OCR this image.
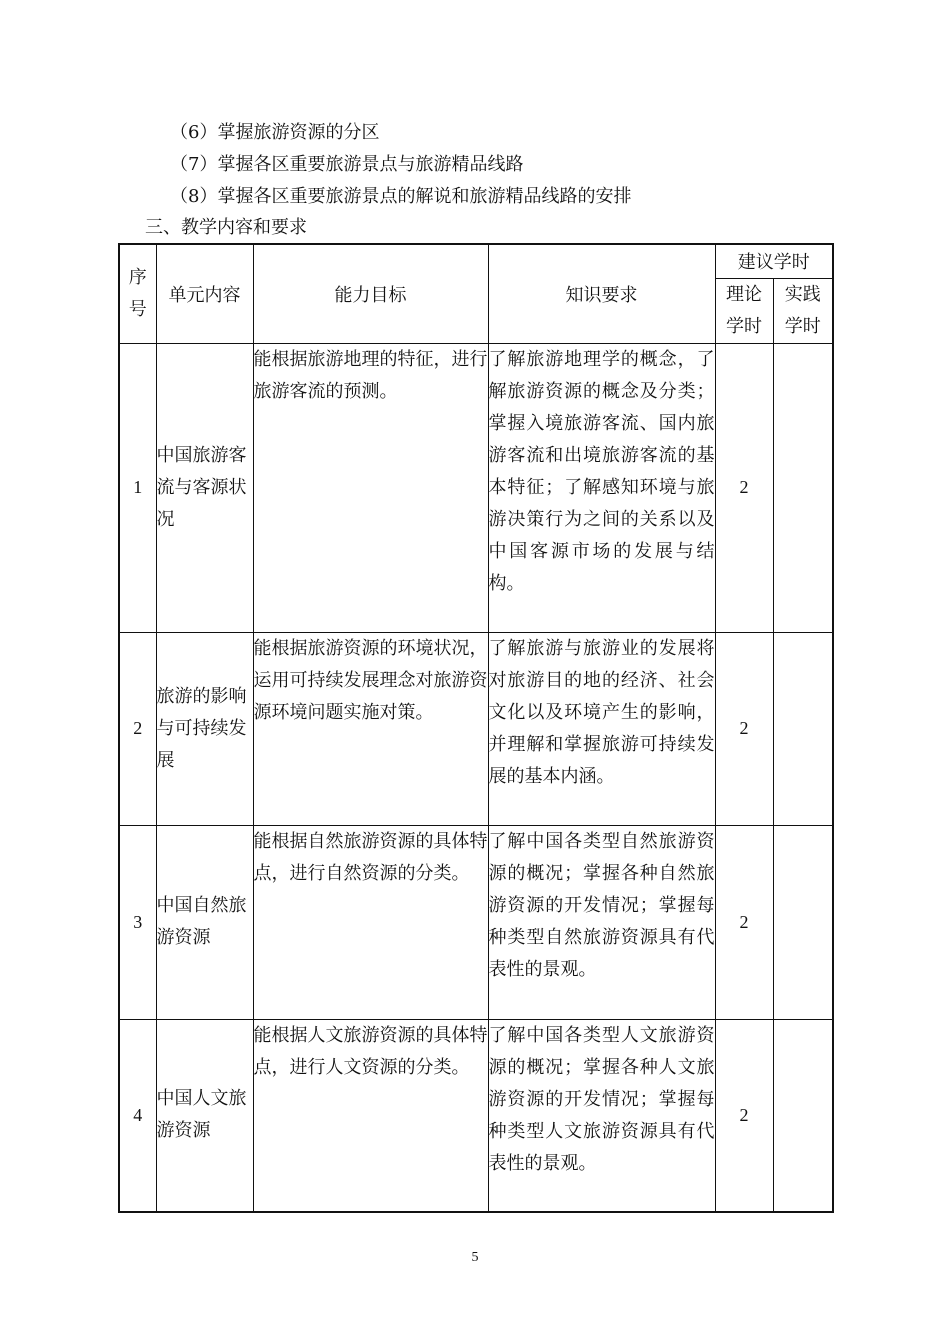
（6）掌握旅游资源的分区
（7）掌握各区重要旅游景点与旅游精品线路
（8）掌握各区重要旅游景点的解说和旅游精品线路的安排
三、教学内容和要求
序号	单元内容	能力目标	知识要求	建议学时	

				理论学时	实践学时

1	中国旅游客流与客源状况	能根据旅游地理的特征，进行旅游客流的预测。	了解旅游地理学的概念，了解旅游资源的概念及分类；掌握入境旅游客流、国内旅游客流和出境旅游客流的基本特征；了解感知环境与旅游决策行为之间的关系以及中国客源市场的发展与结构。	2	
2	旅游的影响与可持续发展	能根据旅游资源的环境状况，运用可持续发展理念对旅游资源环境问题实施对策。	了解旅游与旅游业的发展将对旅游目的地的经济、社会文化以及环境产生的影响，并理解和掌握旅游可持续发展的基本内涵。	2	
3	中国自然旅游资源	能根据自然旅游资源的具体特点，进行自然资源的分类。	了解中国各类型自然旅游资源的概况；掌握各种自然旅游资源的开发情况；掌握每种类型自然旅游资源具有代表性的景观。	2	
4	中国人文旅游资源	能根据人文旅游资源的具体特点，进行人文资源的分类。	了解中国各类型人文旅游资源的概况；掌握各种人文旅游资源的开发情况；掌握每种类型人文旅游资源具有代表性的景观。	2	
5
